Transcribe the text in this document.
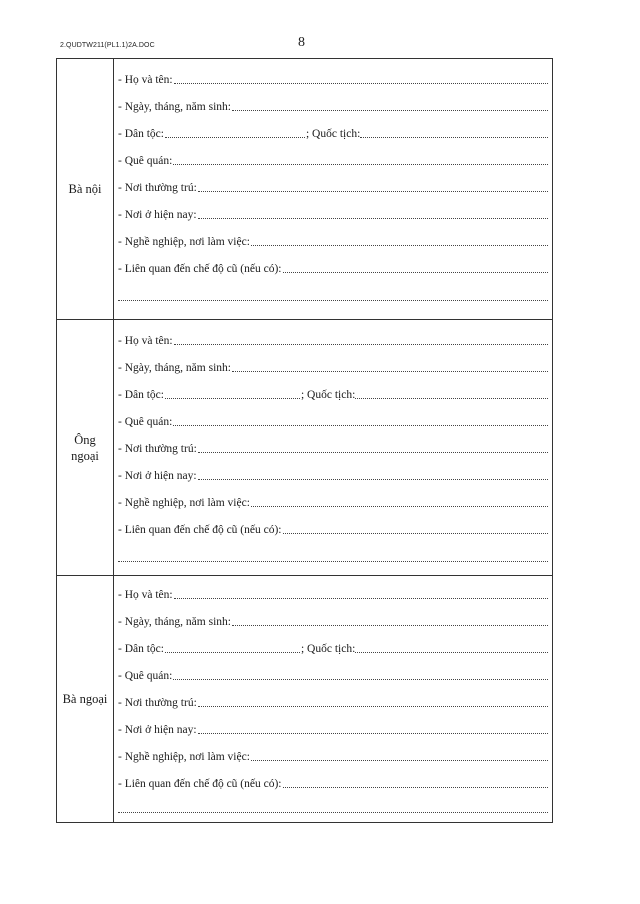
2.QUDTW211(PL1.1)2A.DOC	8
Bà nội
- Họ và tên:
- Ngày, tháng, năm sinh:
- Dân tộc:	; Quốc tịch:
- Quê quán:
- Nơi thường trú:
- Nơi ở hiện nay:
- Nghề nghiệp, nơi làm việc:
- Liên quan đến chế độ cũ (nếu có):
Ông
ngoại
- Họ và tên:
- Ngày, tháng, năm sinh:
- Dân tộc:	; Quốc tịch:
- Quê quán:
- Nơi thường trú:
- Nơi ở hiện nay:
- Nghề nghiệp, nơi làm việc:
- Liên quan đến chế độ cũ (nếu có):
Bà ngoại
- Họ và tên:
- Ngày, tháng, năm sinh:
- Dân tộc:	; Quốc tịch:
- Quê quán:
- Nơi thường trú:
- Nơi ở hiện nay:
- Nghề nghiệp, nơi làm việc:
- Liên quan đến chế độ cũ (nếu có):
